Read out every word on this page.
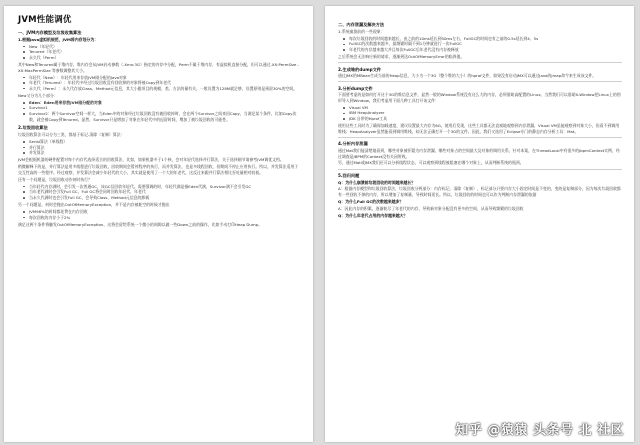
JVM性能调优
一、JVM内存模型及垃圾收集算法
1.根据Java虚拟机规范，JVM将内存划分为：
New（年轻代）
Tenured（年老代）
永久代（Perm）
其中New和Tenured属于堆内存，堆内存会从JVM启动参数（-Xmx:3G）指定的内存中分配，Perm不属于堆内存，有虚拟机直接分配，但可以通过-XX:PermSize -XX:MaxPermSize 等参数调整其大小。
年轻代（New）：年轻代用来存放JVM刚分配的Java对象
年老代（Tenured）：年轻代中经过垃圾回收没有回收掉的对象将被Copy到年老代
永久代（Perm）：永久代存放Class、Method元信息，其大小跟项目的规模、类、方法的量有关，一般设置为128M就足够，设置原则是预留30%的空间。
New又分为几个部分：
Eden：Eden用来存放JVM刚分配的对象
Survivor1
Survivor2：两个Survivor空间一样大，当Eden中的对象经过垃圾回收没有被回收掉时，会在两个Survivor之间来回Copy，当满足某个条件，比如Copy次数，就会被Copy到Tenured。显然，Survivor只是增加了对象在年轻代中的逗留时间，增加了被垃圾回收的可能性。
2.垃圾回收算法
垃圾回收算法可以分为三类，都基于标记-清除（复制）算法：
Serial算法（单线程）
并行算法
并发算法
JVM会根据机器的硬件配置对每个内存代选择适合的回收算法，比如，如果机器多于1个核，会对年轻代选择并行算法，关于选择细节请参考JVM调优文档。
稍微解释下的是，并行算法是用多线程进行垃圾回收，回收期间会暂停程序的执行，而并发算法，也是多线程回收，但期间不停止应用执行。所以，并发算法适用于交互性高的一些程序。经过观察，并发算法会减少年轻代的大小，其实就是使用了一个大的年老代，这反过来跟并行算法相比吞吐量相对较低。
还有一个问题是，垃圾回收动作何时执行？
当年轻代内存满时，会引发一次普通GC，该GC仅回收年轻代。需要强调的时，年轻代满是指Eden代满，Survivor满不会引发GC
当年老代满时会引发Full GC，Full GC将会同时回收年轻代、年老代
当永久代满时也会引发Full GC，会导致Class、Method元信息的卸载
另一个问题是，何时会抛出OutOfMemoryException，并不是内存被耗空的时候才抛出
JVM98%的时间都花费在内存回收
每次回收的内存小于2%
满足这两个条件将触发OutOfMemoryException，这将会留给系统一个微小的间隙以做一些Down之前的操作，比如手动打印Heap Dump。
二、内存泄漏及解决方法
1.系统崩溃前的一些现象：
每次垃圾回收的时间越来越长，由之前的10ms延长到50ms左右，FullGC的时间也有之前的0.5s延长到4、5s
FullGC的次数越来越多，最频繁时隔不到1分钟就进行一次FullGC
年老代的内存越来越大并且每次FullGC后年老代没有内存被释放
之后系统会无法响应新的请求，逐渐到达OutOfMemoryError的临界值。
2.生成堆的dump文件
通过JMX的MBean生成当前的Heap信息，大小为一个3G（整个堆的大小）的hprof文件，如果没有启动JMX可以通过Java的jmap命令来生成该文件。
3.分析dump文件
下面要考虑的是如何打开这个3G的堆信息文件，显然一般的Window系统没有这么大的内存，必须借助高配置的Linux。当然我们可以借助X-Window把Linux上的图形导入到Window。我们考虑用下面几种工具打开该文件：
Visual VM
IBM HeapAnalyzer
JDK 自带的Hprof工具
使用这些工具时为了确保加载速度，建议设置最大内存为6G。使用后发现，这些工具都无法直观地观察到内存泄漏，Visual VM虽能观察到对象大小，但看不到调用堆栈；HeapAnalyzer虽然能看到调用堆栈，却无法正确打开一个3G的文件。因此，我们又选用了Eclipse专门的静态内存分析工具：Mat。
4.分析内存泄漏
通过Mat我们能清楚地看到，哪些对象被怀疑为内存泄漏，哪些对象占的空间最大及对象的调用关系。针对本案，在ThreadLocal中有很多的JbpmContext实例，经过调查是JBPM的Context没有关闭所致。
另，通过Mat或JMX我们还可以分析线程状态，可以观察到线程被阻塞在哪个对象上，从而判断系统的瓶颈。
5.回归问题
Q：为什么崩溃前垃圾回收的时间越来越长？
A：根据内存模型和垃圾回收算法，垃圾回收分两部分：内存标记、清除（复制），标记部分只要内存大小固定时间是不变的，变的是复制部分，因为每次垃圾回收都有一些回收不掉的内存，所以增加了复制量，导致时间延长。所以，垃圾回收的时间也可以作为判断内存泄漏的依据
Q：为什么Full GC的次数越来越多？
A：因此内存的积累，逐渐耗尽了年老代的内存，导致新对象分配没有更多的空间，从而导致频繁的垃圾回收
Q：为什么年老代占用的内存越来越大？
知乎 @猿猿 头条号 北 社区
